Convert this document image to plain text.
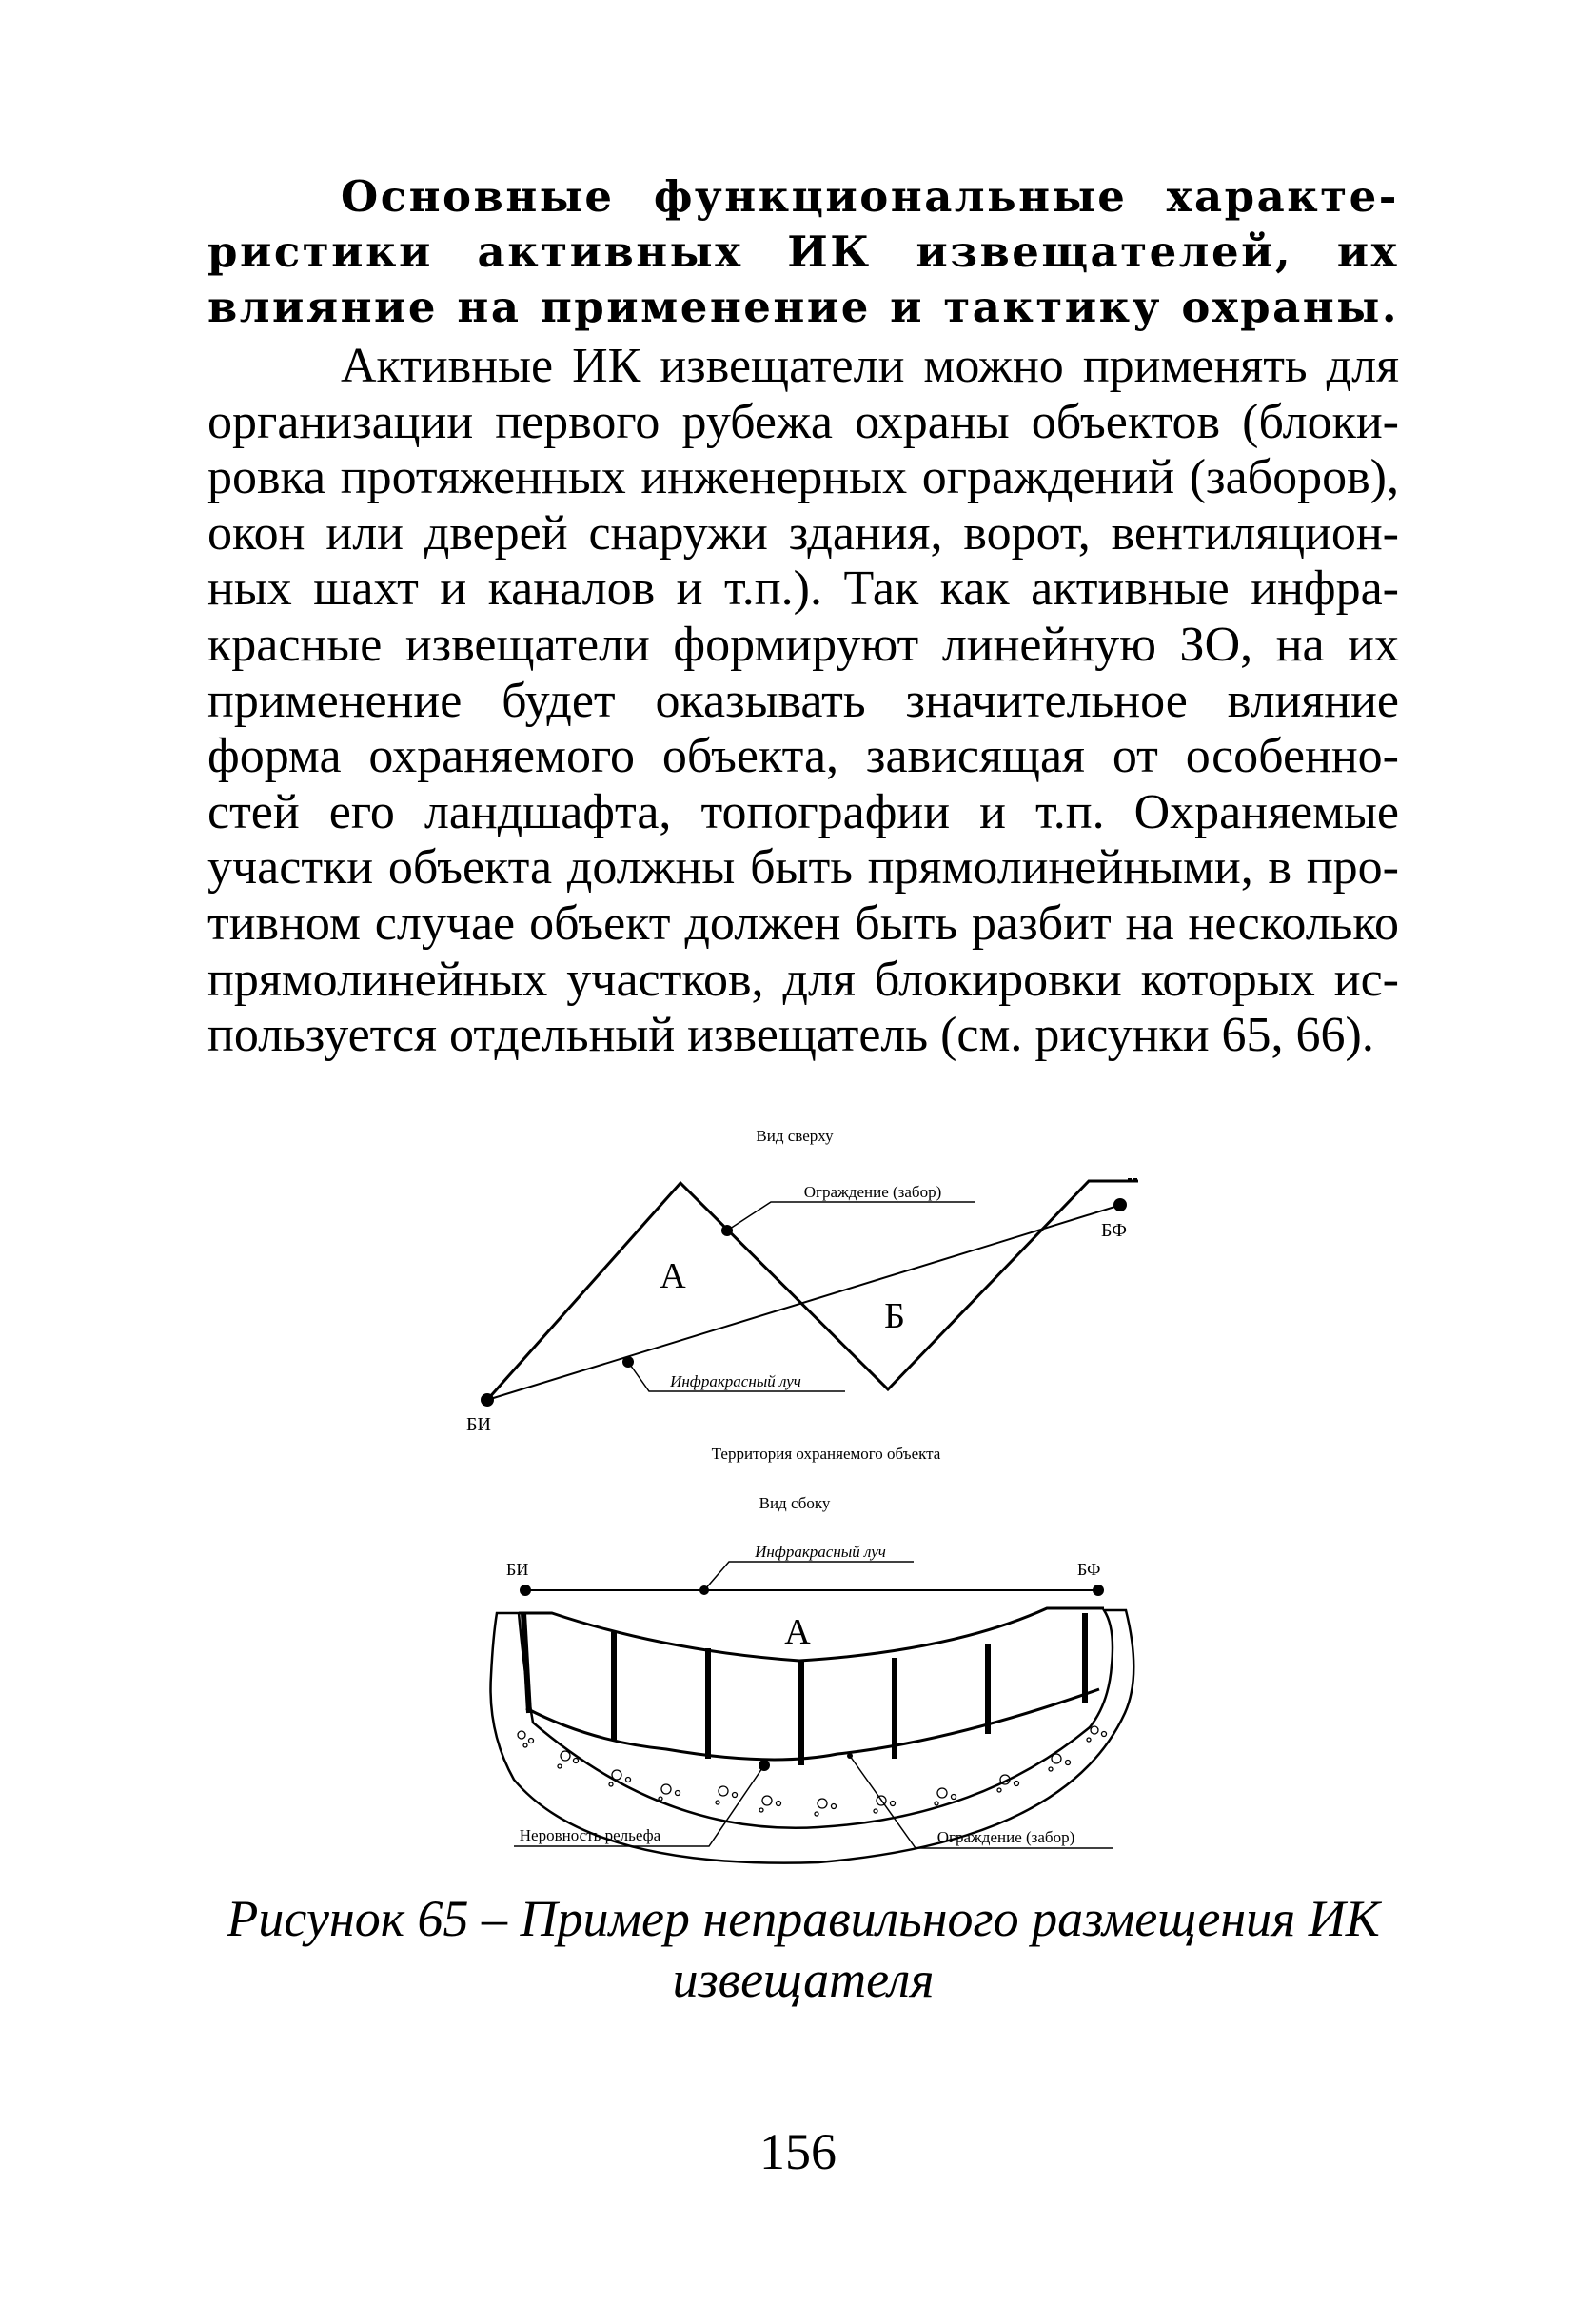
Основные функциональные характе-
ристики активных ИК извещателей, их
влияние на применение и тактику охраны.
Активные ИК извещатели можно применять для
организации первого рубежа охраны объектов (блоки-
ровка протяженных инженерных ограждений (заборов),
окон или дверей снаружи здания, ворот, вентиляцион-
ных шахт и каналов и т.п.). Так как активные инфра-
красные извещатели формируют линейную ЗО, на их
применение будет оказывать значительное влияние
форма охраняемого объекта, зависящая от особенно-
стей его ландшафта, топографии и т.п. Охраняемые
участки объекта должны быть прямолинейными, в про-
тивном случае объект должен быть разбит на несколько
прямолинейных участков, для блокировки которых ис-
пользуется отдельный извещатель (см. рисунки 65, 66).
Вид сверху
Ограждение (забор)
Инфракрасный луч
А
Б
БИ
БФ
Территория охраняемого объекта
Вид сбоку
Инфракрасный луч
БИ	БФ
А
Неровность рельефа	Ограждение (забор)
Рисунок 65 – Пример неправильного размещения ИК
извещателя
156
